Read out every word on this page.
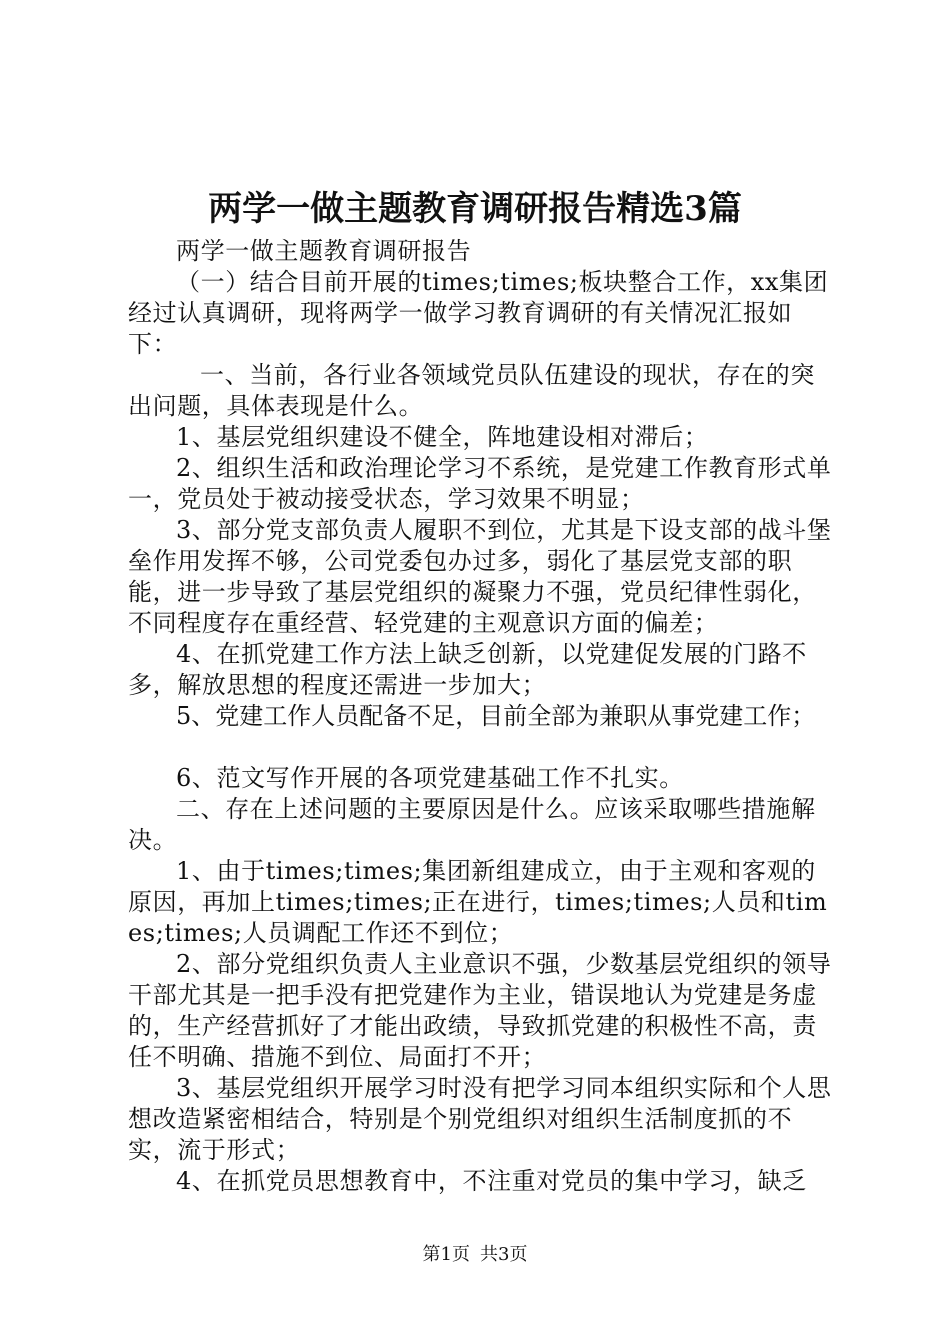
两学一做主题教育调研报告精选3篇

两学一做主题教育调研报告

（一）结合目前开展的times;times;板块整合工作，xx集团经过认真调研，现将两学一做学习教育调研的有关情况汇报如下：

一、当前，各行业各领域党员队伍建设的现状，存在的突出问题，具体表现是什么。

1、基层党组织建设不健全，阵地建设相对滞后；

2、组织生活和政治理论学习不系统，是党建工作教育形式单一，党员处于被动接受状态，学习效果不明显；

3、部分党支部负责人履职不到位，尤其是下设支部的战斗堡垒作用发挥不够，公司党委包办过多，弱化了基层党支部的职能，进一步导致了基层党组织的凝聚力不强，党员纪律性弱化，不同程度存在重经营、轻党建的主观意识方面的偏差；

4、在抓党建工作方法上缺乏创新，以党建促发展的门路不多，解放思想的程度还需进一步加大；

5、党建工作人员配备不足，目前全部为兼职从事党建工作；

6、范文写作开展的各项党建基础工作不扎实。

二、存在上述问题的主要原因是什么。应该采取哪些措施解决。

1、由于times;times;集团新组建成立，由于主观和客观的原因，再加上times;times;正在进行，times;times;人员和times;times;人员调配工作还不到位；

2、部分党组织负责人主业意识不强，少数基层党组织的领导干部尤其是一把手没有把党建作为主业，错误地认为党建是务虚的，生产经营抓好了才能出政绩，导致抓党建的积极性不高，责任不明确、措施不到位、局面打不开；

3、基层党组织开展学习时没有把学习同本组织实际和个人思想改造紧密相结合，特别是个别党组织对组织生活制度抓的不实，流于形式；

4、在抓党员思想教育中，不注重对党员的集中学习，缺乏

第1页 共3页
